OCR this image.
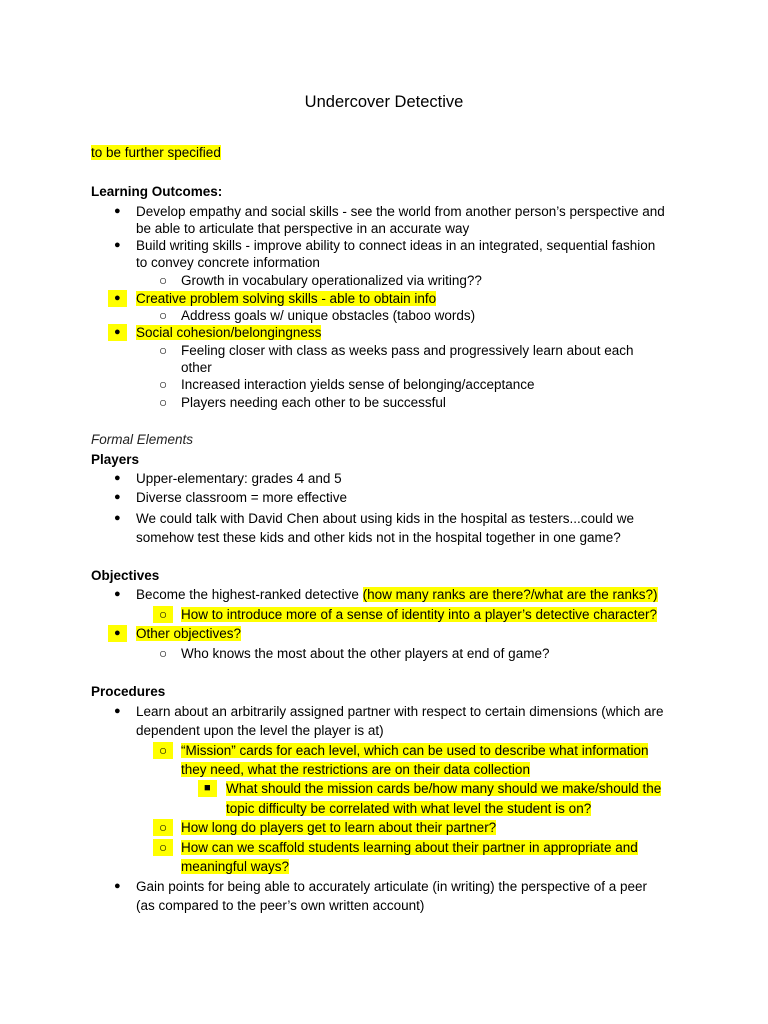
Undercover Detective
to be further specified
Learning Outcomes:
● Develop empathy and social skills - see the world from another person’s perspective and
be able to articulate that perspective in an accurate way
● Build writing skills - improve ability to connect ideas in an integrated, sequential fashion
to convey concrete information
○ Growth in vocabulary operationalized via writing??
●	Creative problem solving skills - able to obtain info
○ Address goals w/ unique obstacles (taboo words)
●	Social cohesion/belongingness
○ Feeling closer with class as weeks pass and progressively learn about each
other
○ Increased interaction yields sense of belonging/acceptance
○ Players needing each other to be successful
Formal Elements
Players
● Upper-elementary: grades 4 and 5
● Diverse classroom = more effective
● We could talk with David Chen about using kids in the hospital as testers...could we
somehow test these kids and other kids not in the hospital together in one game?
Objectives
● Become the highest-ranked detective (how many ranks are there?/what are the ranks?)
○	How to introduce more of a sense of identity into a player’s detective character?
●	Other objectives?
○ Who knows the most about the other players at end of game?
Procedures
● Learn about an arbitrarily assigned partner with respect to certain dimensions (which are
dependent upon the level the player is at)
○	“Mission” cards for each level, which can be used to describe what information
they need, what the restrictions are on their data collection
■	What should the mission cards be/how many should we make/should the
topic difficulty be correlated with what level the student is on?
○	How long do players get to learn about their partner?
○	How can we scaffold students learning about their partner in appropriate and
meaningful ways?
● Gain points for being able to accurately articulate (in writing) the perspective of a peer
(as compared to the peer’s own written account)
